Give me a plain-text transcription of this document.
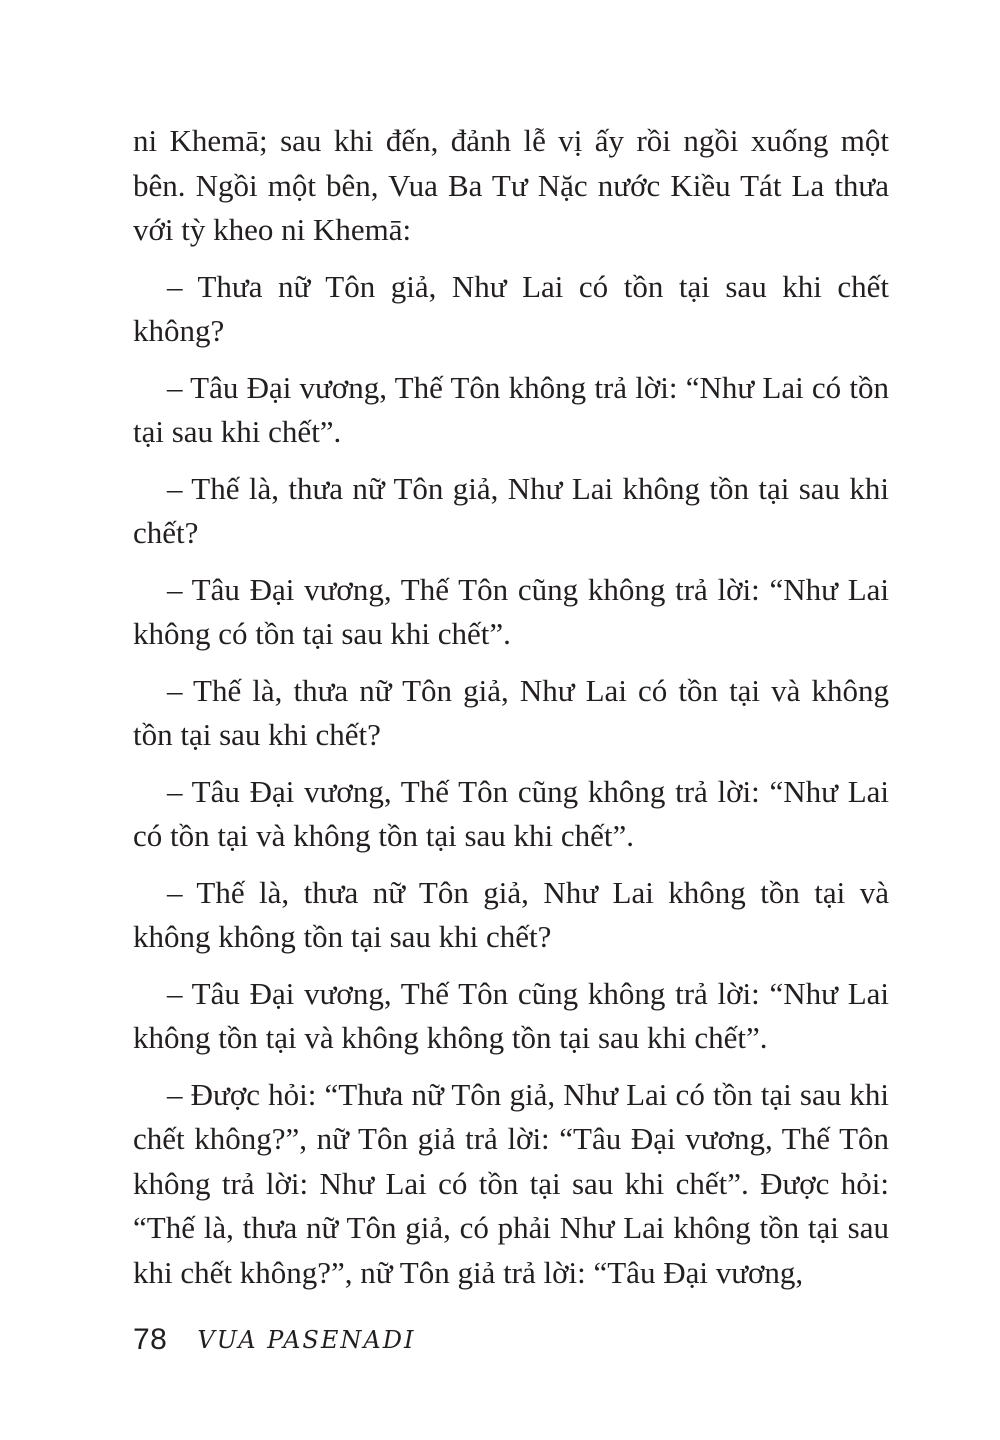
ni Khemā; sau khi đến, đảnh lễ vị ấy rồi ngồi xuống một bên. Ngồi một bên, Vua Ba Tư Nặc nước Kiều Tát La thưa với tỳ kheo ni Khemā:

– Thưa nữ Tôn giả, Như Lai có tồn tại sau khi chết không?

– Tâu Đại vương, Thế Tôn không trả lời: “Như Lai có tồn tại sau khi chết”.

– Thế là, thưa nữ Tôn giả, Như Lai không tồn tại sau khi chết?

– Tâu Đại vương, Thế Tôn cũng không trả lời: “Như Lai không có tồn tại sau khi chết”.

– Thế là, thưa nữ Tôn giả, Như Lai có tồn tại và không tồn tại sau khi chết?

– Tâu Đại vương, Thế Tôn cũng không trả lời: “Như Lai có tồn tại và không tồn tại sau khi chết”.

– Thế là, thưa nữ Tôn giả, Như Lai không tồn tại và không không tồn tại sau khi chết?

– Tâu Đại vương, Thế Tôn cũng không trả lời: “Như Lai không tồn tại và không không tồn tại sau khi chết”.

– Được hỏi: “Thưa nữ Tôn giả, Như Lai có tồn tại sau khi chết không?”, nữ Tôn giả trả lời: “Tâu Đại vương, Thế Tôn không trả lời: Như Lai có tồn tại sau khi chết”. Được hỏi: “Thế là, thưa nữ Tôn giả, có phải Như Lai không tồn tại sau khi chết không?”, nữ Tôn giả trả lời: “Tâu Đại vương,

78 VUA PASENADI
